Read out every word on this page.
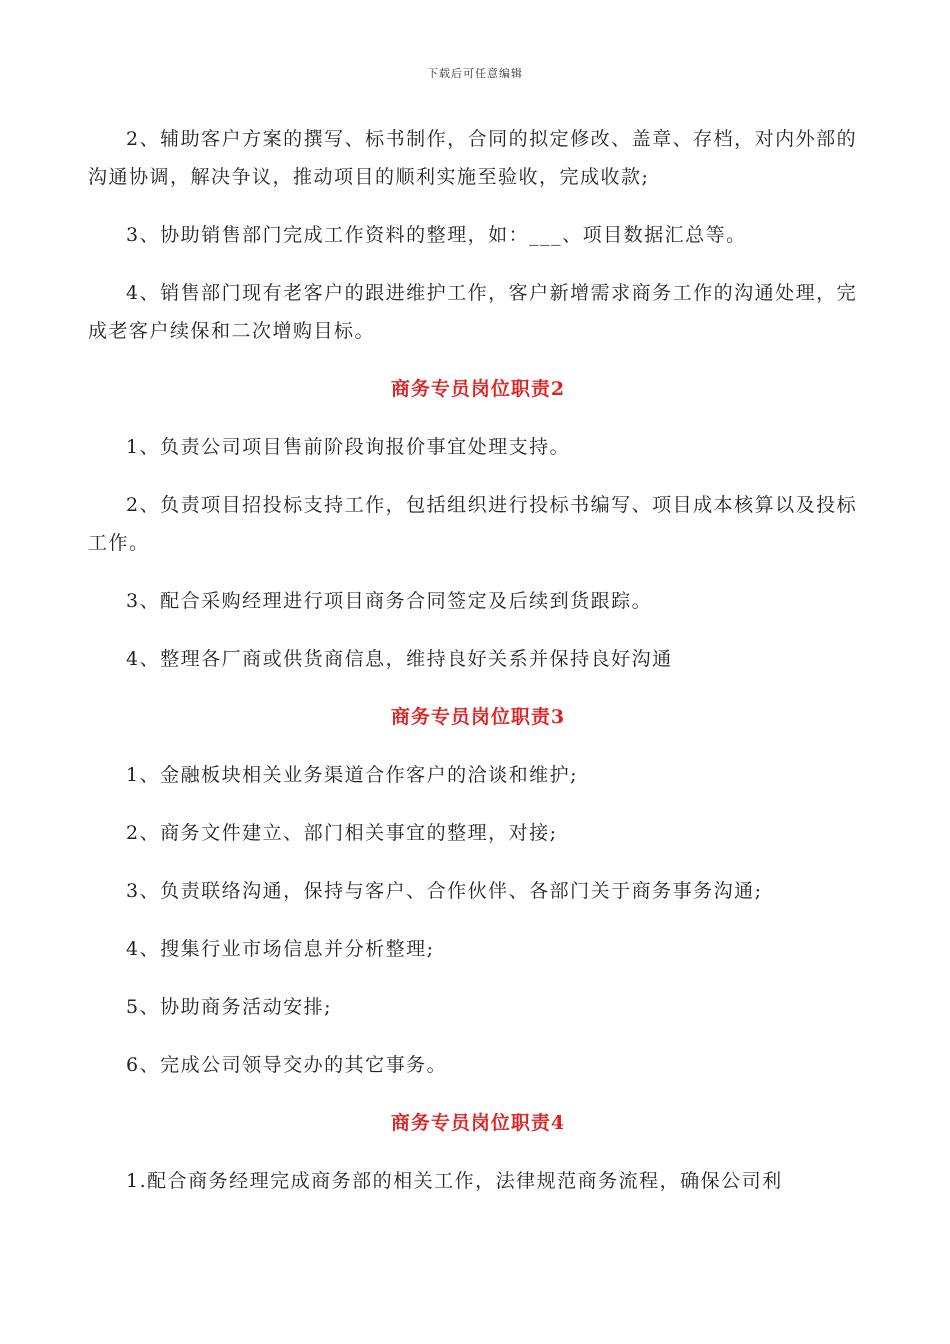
下载后可任意编辑

2、辅助客户方案的撰写、标书制作，合同的拟定修改、盖章、存档，对内外部的沟通协调，解决争议，推动项目的顺利实施至验收，完成收款;

3、协助销售部门完成工作资料的整理，如：___、项目数据汇总等。

4、销售部门现有老客户的跟进维护工作，客户新增需求商务工作的沟通处理，完成老客户续保和二次增购目标。

商务专员岗位职责2

1、负责公司项目售前阶段询报价事宜处理支持。

2、负责项目招投标支持工作，包括组织进行投标书编写、项目成本核算以及投标工作。

3、配合采购经理进行项目商务合同签定及后续到货跟踪。

4、整理各厂商或供货商信息，维持良好关系并保持良好沟通

商务专员岗位职责3

1、金融板块相关业务渠道合作客户的洽谈和维护;

2、商务文件建立、部门相关事宜的整理，对接;

3、负责联络沟通，保持与客户、合作伙伴、各部门关于商务事务沟通;

4、搜集行业市场信息并分析整理;

5、协助商务活动安排;

6、完成公司领导交办的其它事务。

商务专员岗位职责4

1.配合商务经理完成商务部的相关工作，法律规范商务流程，确保公司利
